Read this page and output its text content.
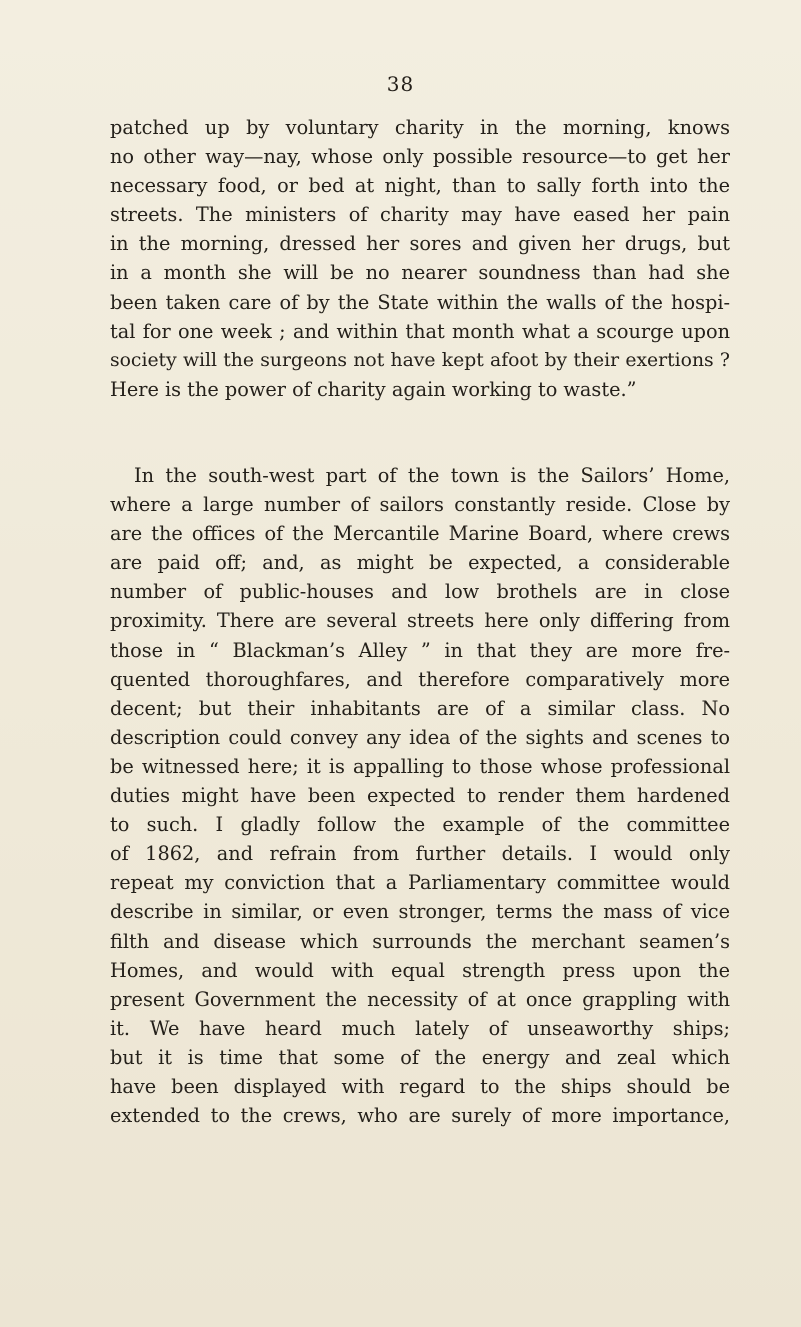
38
patched up by voluntary charity in the morning, knows
no other way—nay, whose only possible resource—to get her
necessary food, or bed at night, than to sally forth into the
streets. The ministers of charity may have eased her pain
in the morning, dressed her sores and given her drugs, but
in a month she will be no nearer soundness than had she
been taken care of by the State within the walls of the hospi-
tal for one week ; and within that month what a scourge upon
society will the surgeons not have kept afoot by their exertions ?
Here is the power of charity again working to waste.”
In the south-west part of the town is the Sailors’ Home,
where a large number of sailors constantly reside. Close by
are the offices of the Mercantile Marine Board, where crews
are paid off; and, as might be expected, a considerable
number of public-houses and low brothels are in close
proximity. There are several streets here only differing from
those in “ Blackman’s Alley ” in that they are more fre-
quented thoroughfares, and therefore comparatively more
decent; but their inhabitants are of a similar class. No
description could convey any idea of the sights and scenes to
be witnessed here; it is appalling to those whose professional
duties might have been expected to render them hardened
to such. I gladly follow the example of the committee
of 1862, and refrain from further details. I would only
repeat my conviction that a Parliamentary committee would
describe in similar, or even stronger, terms the mass of vice
filth and disease which surrounds the merchant seamen’s
Homes, and would with equal strength press upon the
present Government the necessity of at once grappling with
it. We have heard much lately of unseaworthy ships;
but it is time that some of the energy and zeal which
have been displayed with regard to the ships should be
extended to the crews, who are surely of more importance,
